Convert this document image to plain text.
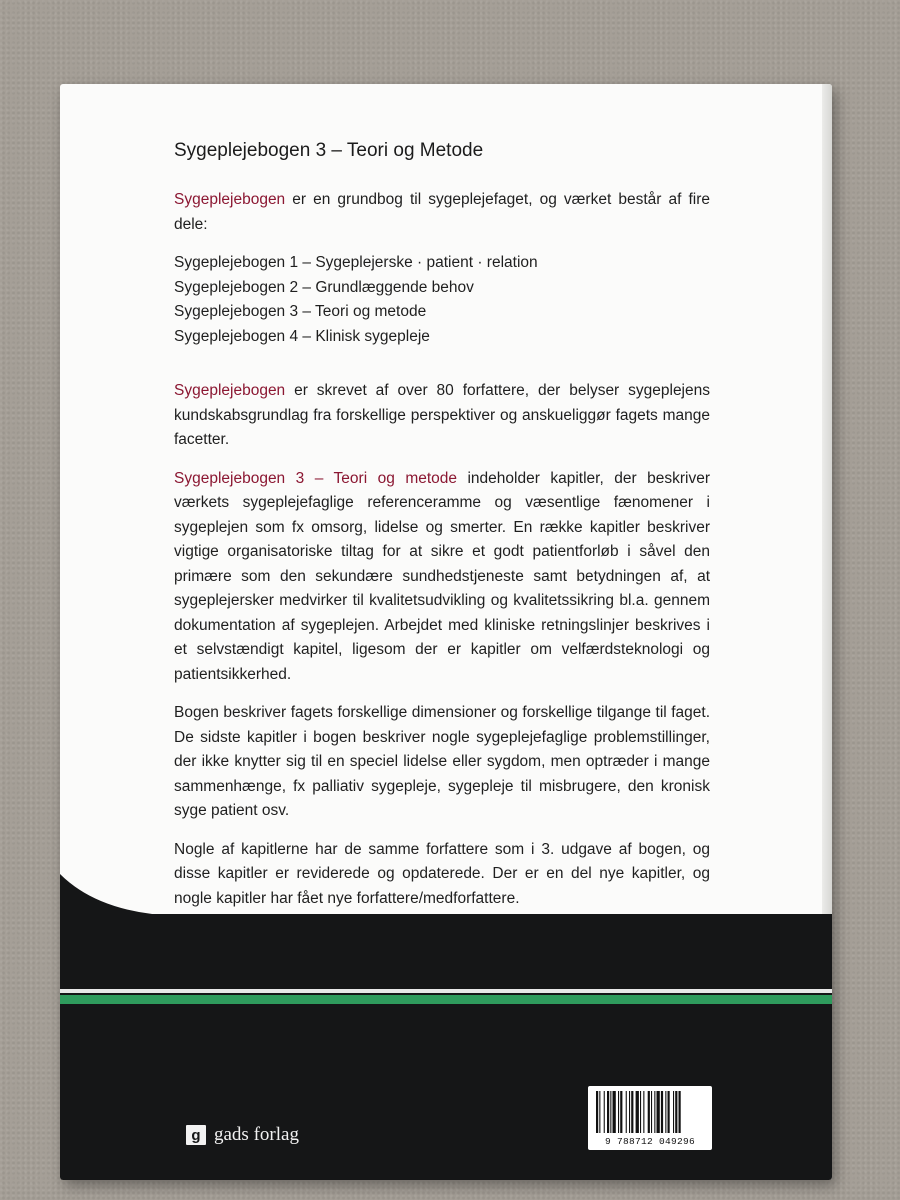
Sygeplejebogen 3 – Teori og Metode

Sygeplejebogen er en grundbog til sygeplejefaget, og værket består af fire dele:

Sygeplejebogen 1 – Sygeplejerske · patient · relation
Sygeplejebogen 2 – Grundlæggende behov
Sygeplejebogen 3 – Teori og metode
Sygeplejebogen 4 – Klinisk sygepleje

Sygeplejebogen er skrevet af over 80 forfattere, der belyser sygeplejens kundskabsgrundlag fra forskellige perspektiver og anskueliggør fagets mange facetter.

Sygeplejebogen 3 – Teori og metode indeholder kapitler, der beskriver værkets sygeplejefaglige referenceramme og væsentlige fænomener i sygeplejen som fx omsorg, lidelse og smerter. En række kapitler beskriver vigtige organisatoriske tiltag for at sikre et godt patientforløb i såvel den primære som den sekundære sundhedstjeneste samt betydningen af, at sygeplejersker medvirker til kvalitetsudvikling og kvalitetssikring bl.a. gennem dokumentation af sygeplejen. Arbejdet med kliniske retningslinjer beskrives i et selvstændigt kapitel, ligesom der er kapitler om velfærdsteknologi og patientsikkerhed.

Bogen beskriver fagets forskellige dimensioner og forskellige tilgange til faget. De sidste kapitler i bogen beskriver nogle sygeplejefaglige problemstillinger, der ikke knytter sig til en speciel lidelse eller sygdom, men optræder i mange sammenhænge, fx palliativ sygepleje, sygepleje til misbrugere, den kronisk syge patient osv.

Nogle af kapitlerne har de samme forfattere som i 3. udgave af bogen, og disse kapitler er reviderede og opdaterede. Der er en del nye kapitler, og nogle kapitler har fået nye forfattere/medforfattere.

g gads forlag	9 788712 049296
